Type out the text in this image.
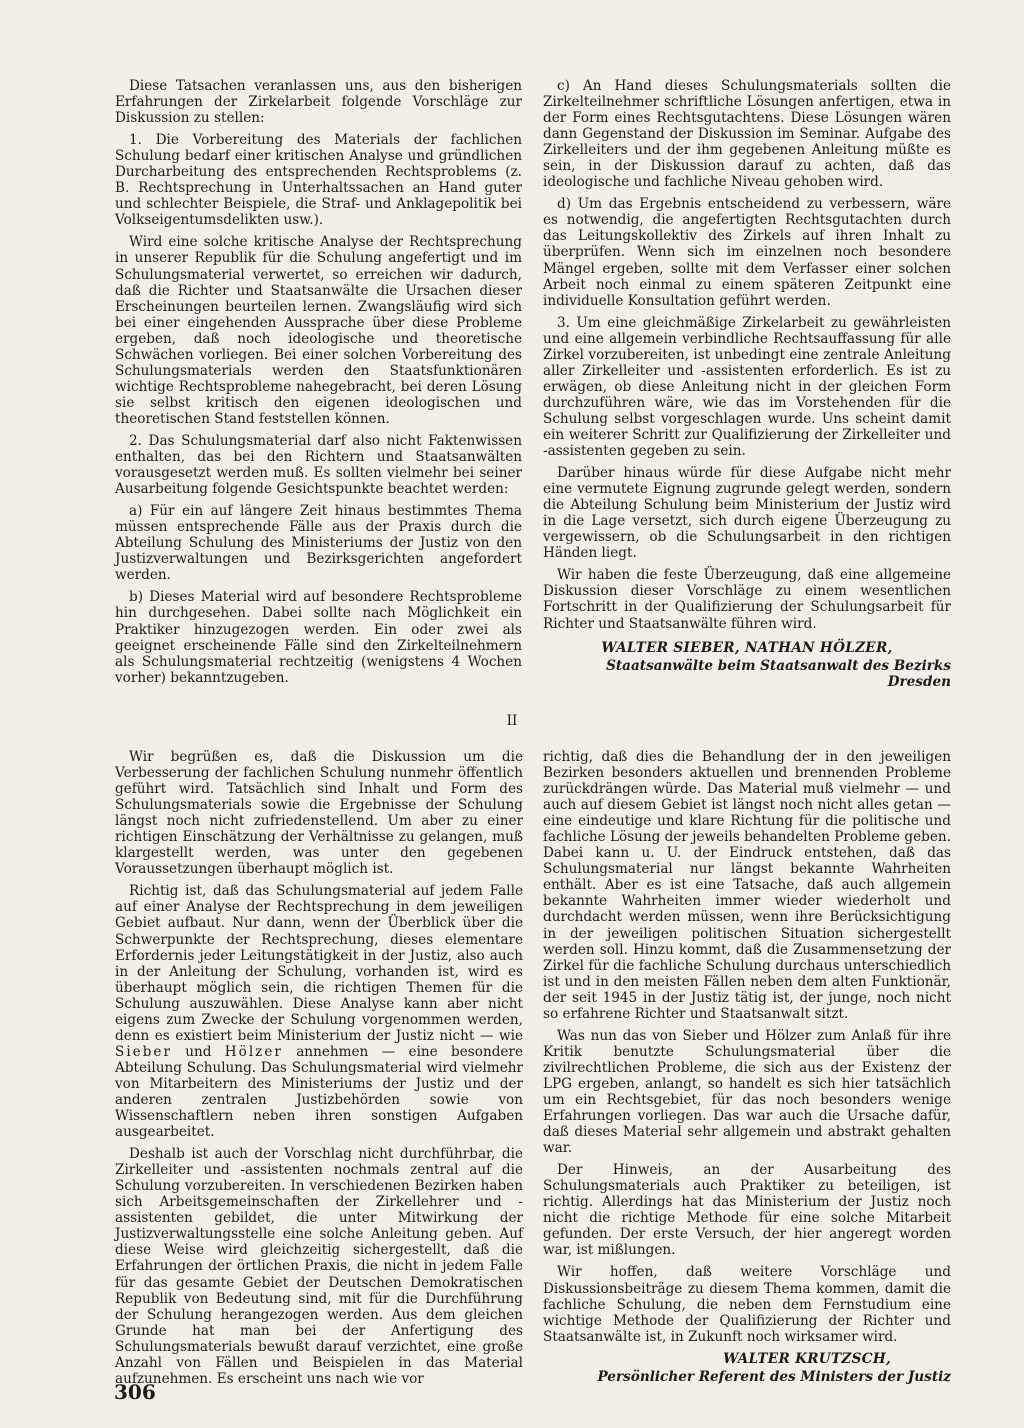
Diese Tatsachen veranlassen uns, aus den bisherigen Erfahrungen der Zirkelarbeit folgende Vorschläge zur Diskussion zu stellen:

1. Die Vorbereitung des Materials der fachlichen Schulung bedarf einer kritischen Analyse und gründlichen Durcharbeitung des entsprechenden Rechtsproblems (z. B. Rechtsprechung in Unterhaltssachen an Hand guter und schlechter Beispiele, die Straf- und Anklagepolitik bei Volkseigentumsdelikten usw.).

Wird eine solche kritische Analyse der Rechtsprechung in unserer Republik für die Schulung angefertigt und im Schulungsmaterial verwertet, so erreichen wir dadurch, daß die Richter und Staatsanwälte die Ursachen dieser Erscheinungen beurteilen lernen. Zwangsläufig wird sich bei einer eingehenden Aussprache über diese Probleme ergeben, daß noch ideologische und theoretische Schwächen vorliegen. Bei einer solchen Vorbereitung des Schulungsmaterials werden den Staatsfunktionären wichtige Rechtsprobleme nahegebracht, bei deren Lösung sie selbst kritisch den eigenen ideologischen und theoretischen Stand feststellen können.

2. Das Schulungsmaterial darf also nicht Faktenwissen enthalten, das bei den Richtern und Staatsanwälten vorausgesetzt werden muß. Es sollten vielmehr bei seiner Ausarbeitung folgende Gesichtspunkte beachtet werden:

a) Für ein auf längere Zeit hinaus bestimmtes Thema müssen entsprechende Fälle aus der Praxis durch die Abteilung Schulung des Ministeriums der Justiz von den Justizverwaltungen und Bezirksgerichten angefordert werden.

b) Dieses Material wird auf besondere Rechtsprobleme hin durchgesehen. Dabei sollte nach Möglichkeit ein Praktiker hinzugezogen werden. Ein oder zwei als geeignet erscheinende Fälle sind den Zirkelteilnehmern als Schulungsmaterial rechtzeitig (wenigstens 4 Wochen vorher) bekanntzugeben.

c) An Hand dieses Schulungsmaterials sollten die Zirkelteilnehmer schriftliche Lösungen anfertigen, etwa in der Form eines Rechtsgutachtens. Diese Lösungen wären dann Gegenstand der Diskussion im Seminar. Aufgabe des Zirkelleiters und der ihm gegebenen Anleitung müßte es sein, in der Diskussion darauf zu achten, daß das ideologische und fachliche Niveau gehoben wird.

d) Um das Ergebnis entscheidend zu verbessern, wäre es notwendig, die angefertigten Rechtsgutachten durch das Leitungskollektiv des Zirkels auf ihren Inhalt zu überprüfen. Wenn sich im einzelnen noch besondere Mängel ergeben, sollte mit dem Verfasser einer solchen Arbeit noch einmal zu einem späteren Zeitpunkt eine individuelle Konsultation geführt werden.

3. Um eine gleichmäßige Zirkelarbeit zu gewährleisten und eine allgemein verbindliche Rechtsauffassung für alle Zirkel vorzubereiten, ist unbedingt eine zentrale Anleitung aller Zirkelleiter und -assistenten erforderlich. Es ist zu erwägen, ob diese Anleitung nicht in der gleichen Form durchzuführen wäre, wie das im Vorstehenden für die Schulung selbst vorgeschlagen wurde. Uns scheint damit ein weiterer Schritt zur Qualifizierung der Zirkelleiter und -assistenten gegeben zu sein.

Darüber hinaus würde für diese Aufgabe nicht mehr eine vermutete Eignung zugrunde gelegt werden, sondern die Abteilung Schulung beim Ministerium der Justiz wird in die Lage versetzt, sich durch eigene Überzeugung zu vergewissern, ob die Schulungsarbeit in den richtigen Händen liegt.

Wir haben die feste Überzeugung, daß eine allgemeine Diskussion dieser Vorschläge zu einem wesentlichen Fortschritt in der Qualifizierung der Schulungsarbeit für Richter und Staatsanwälte führen wird.

WALTER SIEBER, NATHAN HÖLZER,
Staatsanwälte beim Staatsanwalt des Bezirks Dresden
II

Wir begrüßen es, daß die Diskussion um die Verbesserung der fachlichen Schulung nunmehr öffentlich geführt wird. Tatsächlich sind Inhalt und Form des Schulungsmaterials sowie die Ergebnisse der Schulung längst noch nicht zufriedenstellend. Um aber zu einer richtigen Einschätzung der Verhältnisse zu gelangen, muß klargestellt werden, was unter den gegebenen Voraussetzungen überhaupt möglich ist.

Richtig ist, daß das Schulungsmaterial auf jedem Falle auf einer Analyse der Rechtsprechung in dem jeweiligen Gebiet aufbaut. Nur dann, wenn der Überblick über die Schwerpunkte der Rechtsprechung, dieses elementare Erfordernis jeder Leitungstätigkeit in der Justiz, also auch in der Anleitung der Schulung, vorhanden ist, wird es überhaupt möglich sein, die richtigen Themen für die Schulung auszuwählen. Diese Analyse kann aber nicht eigens zum Zwecke der Schulung vorgenommen werden, denn es existiert beim Ministerium der Justiz nicht — wie Sieber und Hölzer annehmen — eine besondere Abteilung Schulung. Das Schulungsmaterial wird vielmehr von Mitarbeitern des Ministeriums der Justiz und der anderen zentralen Justizbehörden sowie von Wissenschaftlern neben ihren sonstigen Aufgaben ausgearbeitet.

Deshalb ist auch der Vorschlag nicht durchführbar, die Zirkelleiter und -assistenten nochmals zentral auf die Schulung vorzubereiten. In verschiedenen Bezirken haben sich Arbeitsgemeinschaften der Zirkellehrer und -assistenten gebildet, die unter Mitwirkung der Justizverwaltungsstelle eine solche Anleitung geben. Auf diese Weise wird gleichzeitig sichergestellt, daß die Erfahrungen der örtlichen Praxis, die nicht in jedem Falle für das gesamte Gebiet der Deutschen Demokratischen Republik von Bedeutung sind, mit für die Durchführung der Schulung herangezogen werden. Aus dem gleichen Grunde hat man bei der Anfertigung des Schulungsmaterials bewußt darauf verzichtet, eine große Anzahl von Fällen und Beispielen in das Material aufzunehmen. Es erscheint uns nach wie vor

richtig, daß dies die Behandlung der in den jeweiligen Bezirken besonders aktuellen und brennenden Probleme zurückdrängen würde. Das Material muß vielmehr — und auch auf diesem Gebiet ist längst noch nicht alles getan — eine eindeutige und klare Richtung für die politische und fachliche Lösung der jeweils behandelten Probleme geben. Dabei kann u. U. der Eindruck entstehen, daß das Schulungsmaterial nur längst bekannte Wahrheiten enthält. Aber es ist eine Tatsache, daß auch allgemein bekannte Wahrheiten immer wieder wiederholt und durchdacht werden müssen, wenn ihre Berücksichtigung in der jeweiligen politischen Situation sichergestellt werden soll. Hinzu kommt, daß die Zusammensetzung der Zirkel für die fachliche Schulung durchaus unterschiedlich ist und in den meisten Fällen neben dem alten Funktionär, der seit 1945 in der Justiz tätig ist, der junge, noch nicht so erfahrene Richter und Staatsanwalt sitzt.

Was nun das von Sieber und Hölzer zum Anlaß für ihre Kritik benutzte Schulungsmaterial über die zivilrechtlichen Probleme, die sich aus der Existenz der LPG ergeben, anlangt, so handelt es sich hier tatsächlich um ein Rechtsgebiet, für das noch besonders wenige Erfahrungen vorliegen. Das war auch die Ursache dafür, daß dieses Material sehr allgemein und abstrakt gehalten war.

Der Hinweis, an der Ausarbeitung des Schulungsmaterials auch Praktiker zu beteiligen, ist richtig. Allerdings hat das Ministerium der Justiz noch nicht die richtige Methode für eine solche Mitarbeit gefunden. Der erste Versuch, der hier angeregt worden war, ist mißlungen.

Wir hoffen, daß weitere Vorschläge und Diskussionsbeiträge zu diesem Thema kommen, damit die fachliche Schulung, die neben dem Fernstudium eine wichtige Methode der Qualifizierung der Richter und Staatsanwälte ist, in Zukunft noch wirksamer wird.

WALTER KRUTZSCH,
Persönlicher Referent des Ministers der Justiz
306
